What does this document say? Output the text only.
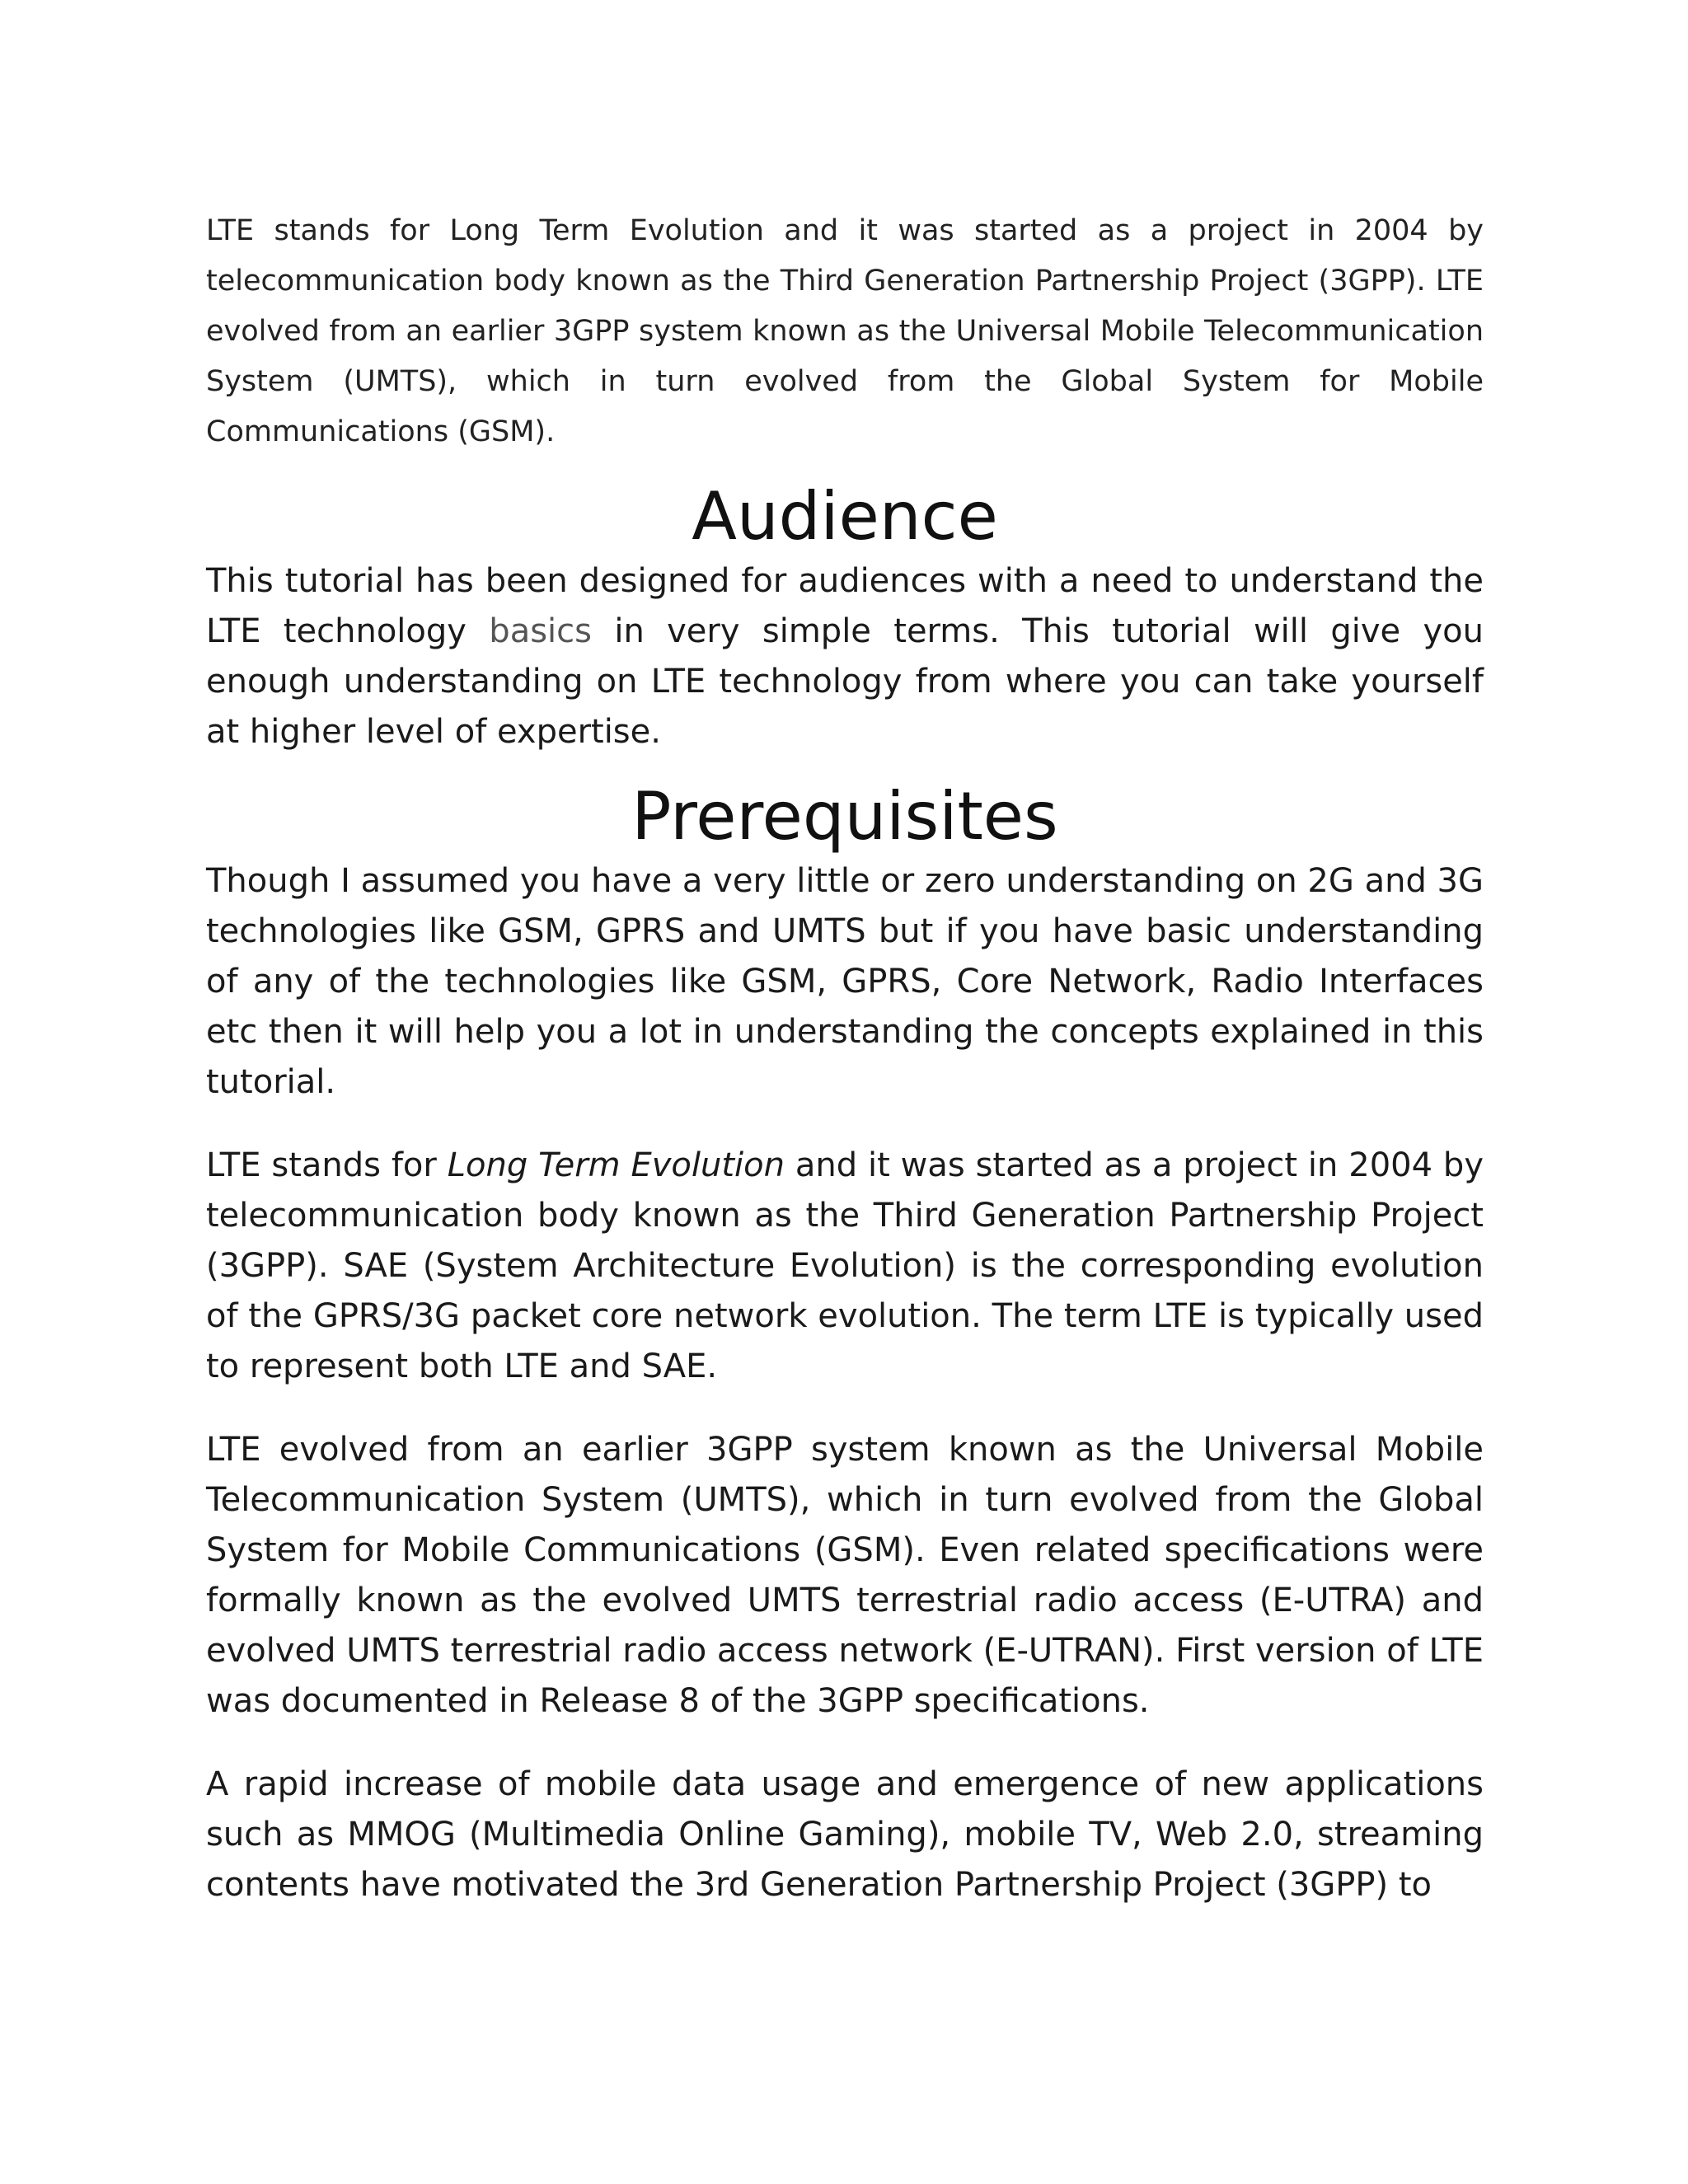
LTE stands for Long Term Evolution and it was started as a project in 2004 by telecommunication body known as the Third Generation Partnership Project (3GPP). LTE evolved from an earlier 3GPP system known as the Universal Mobile Telecommunication System (UMTS), which in turn evolved from the Global System for Mobile Communications (GSM).

Audience

This tutorial has been designed for audiences with a need to understand the LTE technology basics in very simple terms. This tutorial will give you enough understanding on LTE technology from where you can take yourself at higher level of expertise.

Prerequisites

Though I assumed you have a very little or zero understanding on 2G and 3G technologies like GSM, GPRS and UMTS but if you have basic understanding of any of the technologies like GSM, GPRS, Core Network, Radio Interfaces etc then it will help you a lot in understanding the concepts explained in this tutorial.

LTE stands for Long Term Evolution and it was started as a project in 2004 by telecommunication body known as the Third Generation Partnership Project (3GPP). SAE (System Architecture Evolution) is the corresponding evolution of the GPRS/3G packet core network evolution. The term LTE is typically used to represent both LTE and SAE.

LTE evolved from an earlier 3GPP system known as the Universal Mobile Telecommunication System (UMTS), which in turn evolved from the Global System for Mobile Communications (GSM). Even related specifications were formally known as the evolved UMTS terrestrial radio access (E-UTRA) and evolved UMTS terrestrial radio access network (E-UTRAN). First version of LTE was documented in Release 8 of the 3GPP specifications.

A rapid increase of mobile data usage and emergence of new applications such as MMOG (Multimedia Online Gaming), mobile TV, Web 2.0, streaming contents have motivated the 3rd Generation Partnership Project (3GPP) to
